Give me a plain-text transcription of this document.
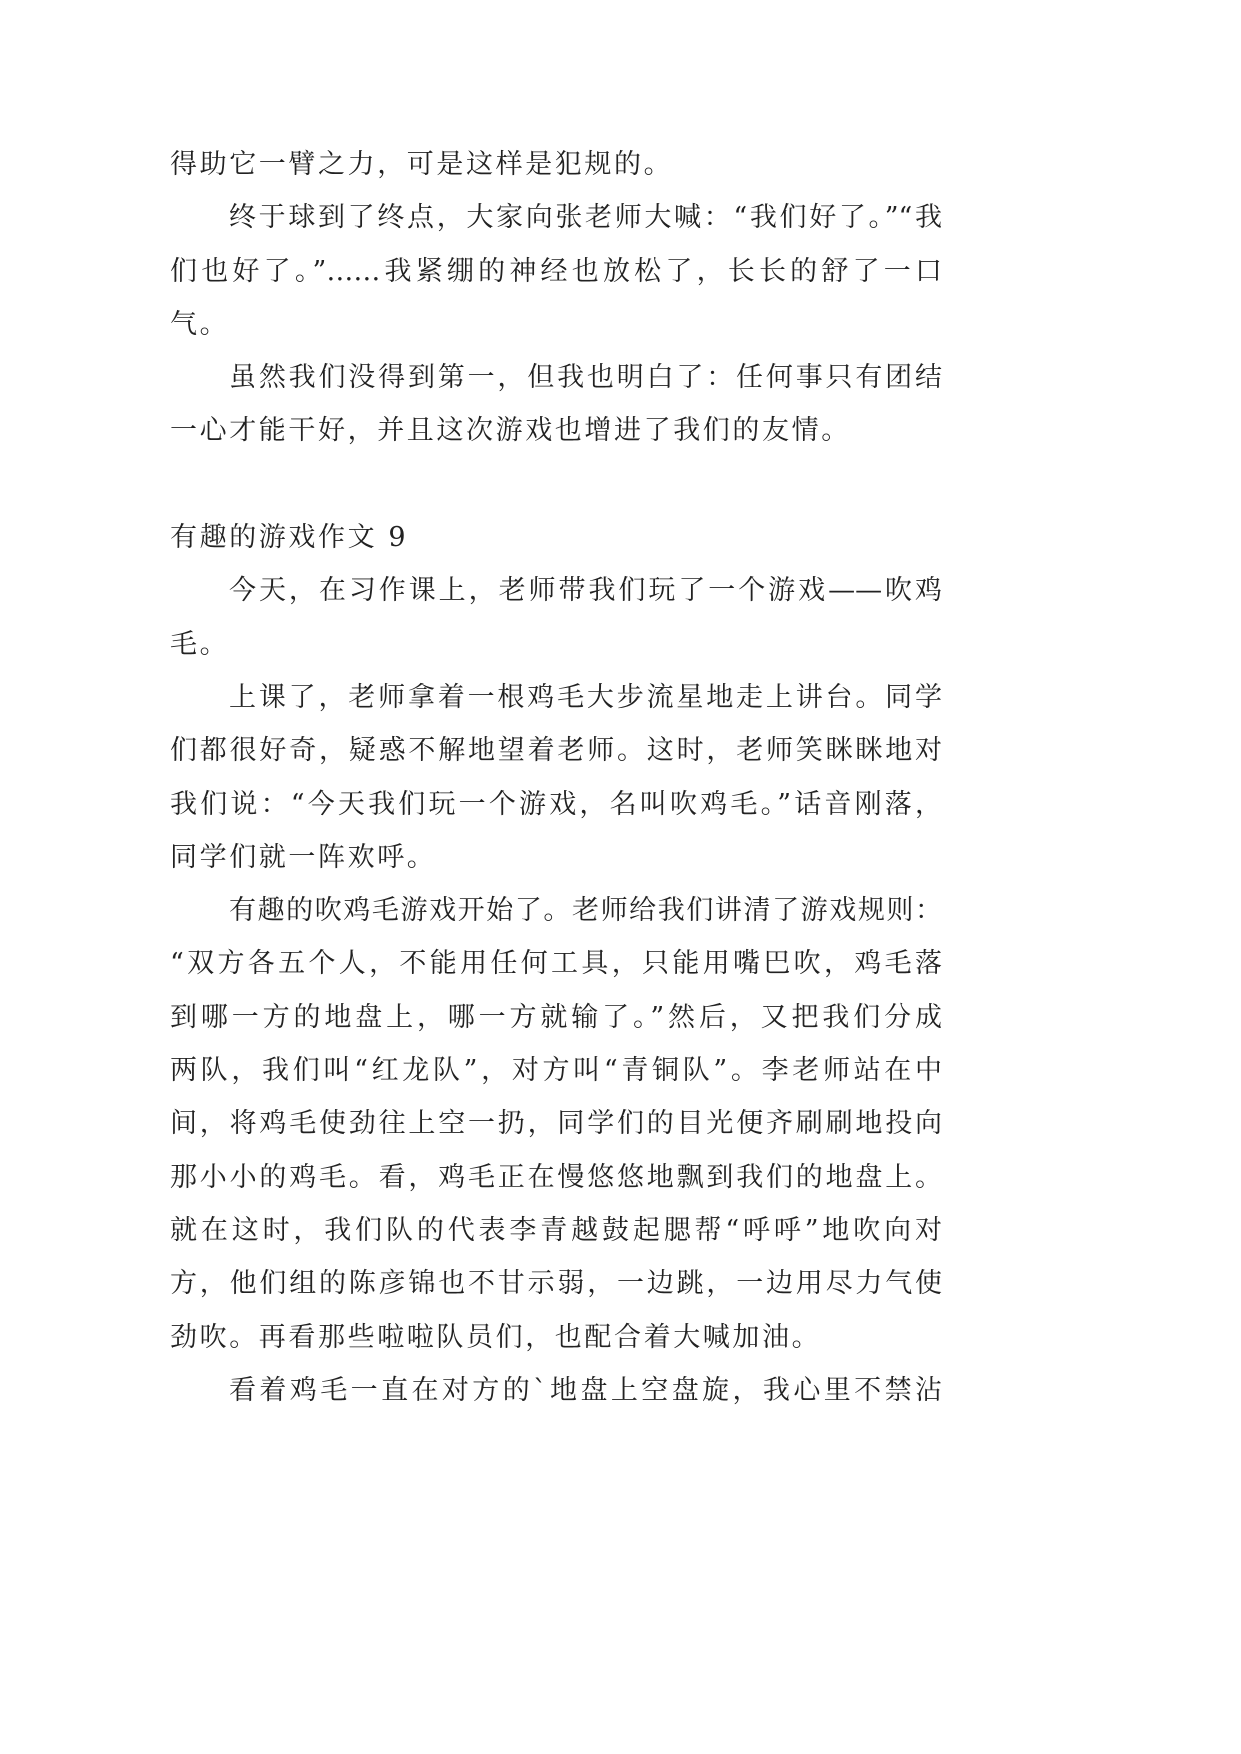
得助它一臂之力，可是这样是犯规的。
终于球到了终点，大家向张老师大喊：“我们好了。”“我
们也好了。”……我紧绷的神经也放松了，长长的舒了一口
气。
虽然我们没得到第一，但我也明白了：任何事只有团结
一心才能干好，并且这次游戏也增进了我们的友情。
有趣的游戏作文 9
今天，在习作课上，老师带我们玩了一个游戏——吹鸡
毛。
上课了，老师拿着一根鸡毛大步流星地走上讲台。同学
们都很好奇，疑惑不解地望着老师。这时，老师笑眯眯地对
我们说：“今天我们玩一个游戏，名叫吹鸡毛。”话音刚落，
同学们就一阵欢呼。
有趣的吹鸡毛游戏开始了。老师给我们讲清了游戏规则：
“双方各五个人，不能用任何工具，只能用嘴巴吹，鸡毛落
到哪一方的地盘上，哪一方就输了。”然后，又把我们分成
两队，我们叫“红龙队”，对方叫“青铜队”。李老师站在中
间，将鸡毛使劲往上空一扔，同学们的目光便齐刷刷地投向
那小小的鸡毛。看，鸡毛正在慢悠悠地飘到我们的地盘上。
就在这时，我们队的代表李青越鼓起腮帮“呼呼”地吹向对
方，他们组的陈彦锦也不甘示弱，一边跳，一边用尽力气使
劲吹。再看那些啦啦队员们，也配合着大喊加油。
看着鸡毛一直在对方的`地盘上空盘旋，我心里不禁沾
